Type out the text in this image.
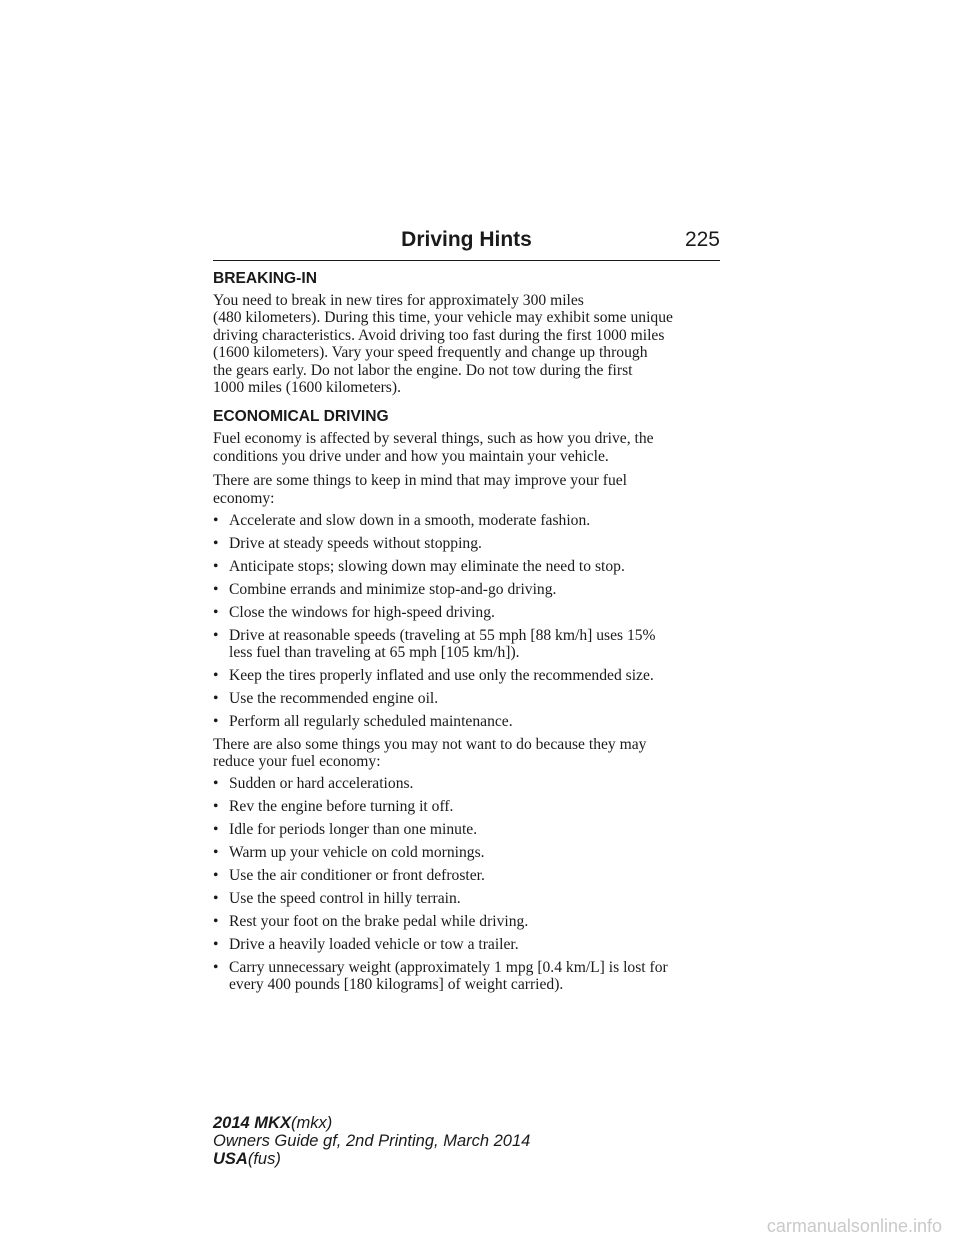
Driving Hints	225
BREAKING-IN

You need to break in new tires for approximately 300 miles
(480 kilometers). During this time, your vehicle may exhibit some unique
driving characteristics. Avoid driving too fast during the first 1000 miles
(1600 kilometers). Vary your speed frequently and change up through
the gears early. Do not labor the engine. Do not tow during the first
1000 miles (1600 kilometers).

ECONOMICAL DRIVING

Fuel economy is affected by several things, such as how you drive, the
conditions you drive under and how you maintain your vehicle.

There are some things to keep in mind that may improve your fuel
economy:

• Accelerate and slow down in a smooth, moderate fashion.
• Drive at steady speeds without stopping.
• Anticipate stops; slowing down may eliminate the need to stop.
• Combine errands and minimize stop-and-go driving.
• Close the windows for high-speed driving.
• Drive at reasonable speeds (traveling at 55 mph [88 km/h] uses 15%
less fuel than traveling at 65 mph [105 km/h]).
• Keep the tires properly inflated and use only the recommended size.
• Use the recommended engine oil.
• Perform all regularly scheduled maintenance.

There are also some things you may not want to do because they may
reduce your fuel economy:

• Sudden or hard accelerations.
• Rev the engine before turning it off.
• Idle for periods longer than one minute.
• Warm up your vehicle on cold mornings.
• Use the air conditioner or front defroster.
• Use the speed control in hilly terrain.
• Rest your foot on the brake pedal while driving.
• Drive a heavily loaded vehicle or tow a trailer.
• Carry unnecessary weight (approximately 1 mpg [0.4 km/L] is lost for
every 400 pounds [180 kilograms] of weight carried).
2014 MKX(mkx)
Owners Guide gf, 2nd Printing, March 2014
USA(fus)
carmanualsonline.info
